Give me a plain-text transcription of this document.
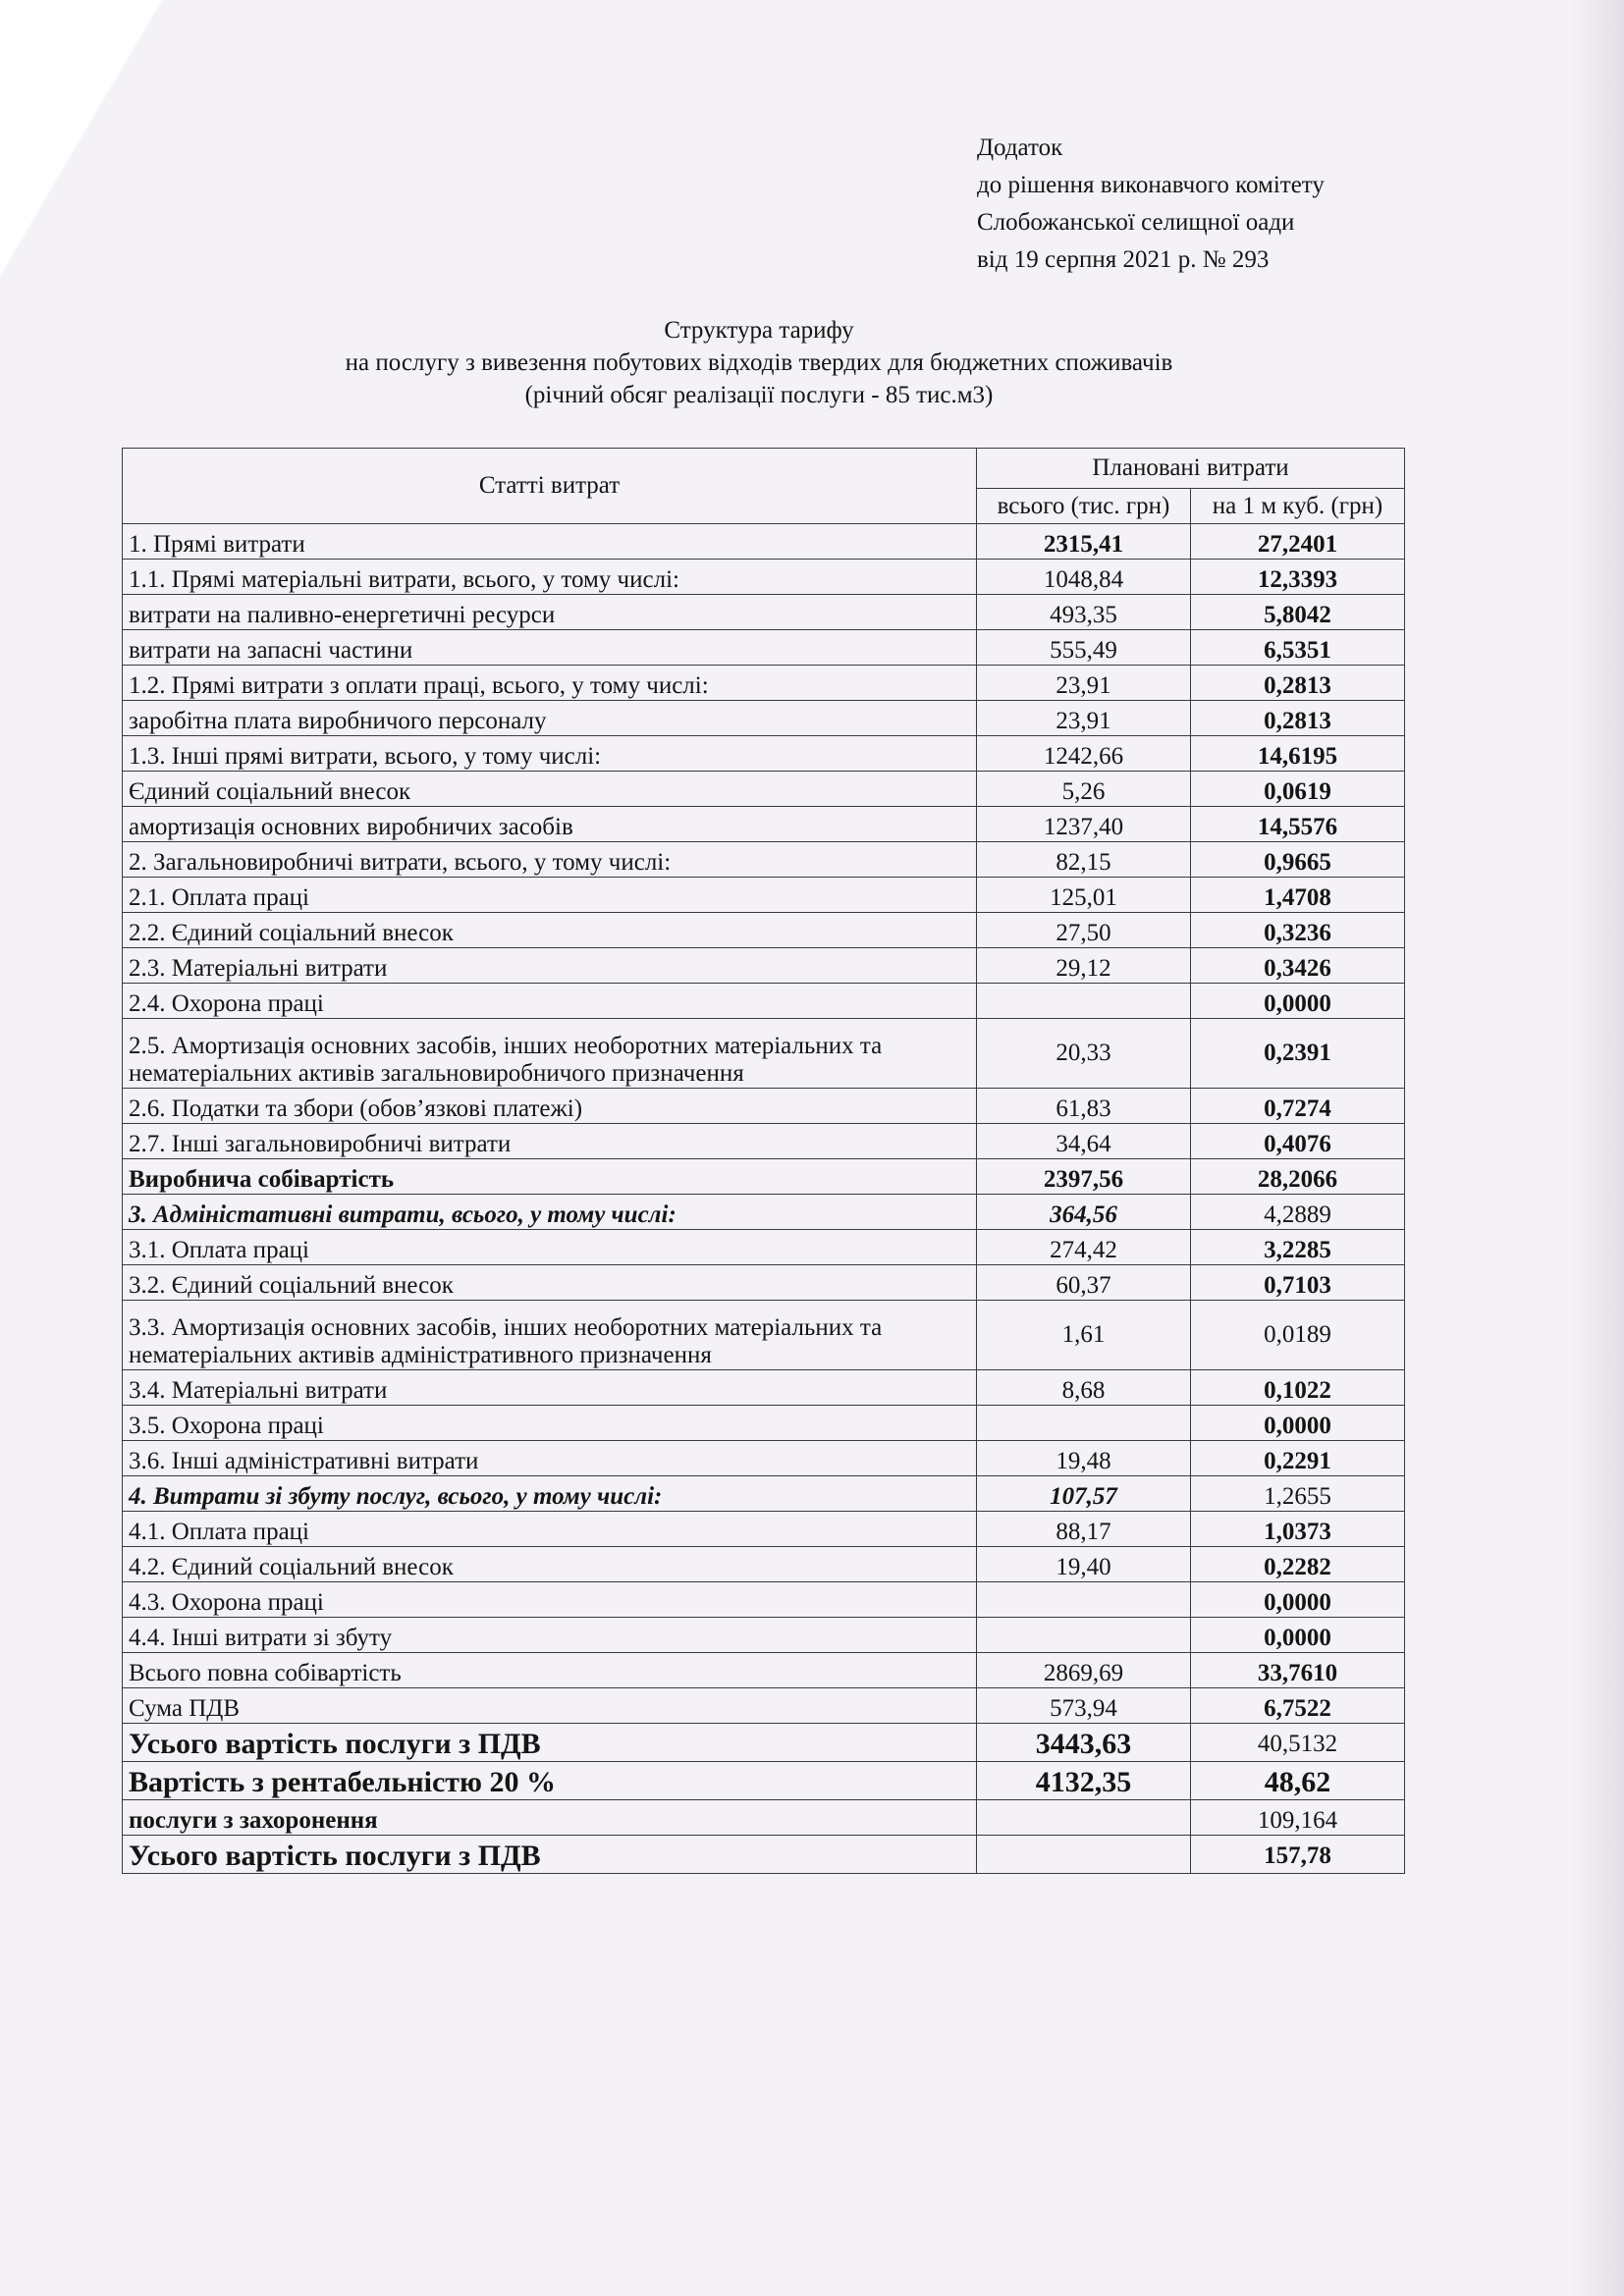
Додаток
до рішення виконавчого комітету
Слобожанської селищної оади
від 19 серпня 2021 р. № 293
Структура тарифу
на послугу з вивезення побутових відходів твердих для бюджетних споживачів
(річний обсяг реалізації послуги - 85 тис.м3)
Статті витрат	Плановані витрати	
	всього (тис. грн)	на 1 м куб. (грн)
1. Прямі витрати	2315,41	27,2401
1.1. Прямі матеріальні витрати, всього, у тому числі:	1048,84	12,3393
витрати на паливно-енергетичні ресурси	493,35	5,8042
витрати на запасні частини	555,49	6,5351
1.2. Прямі витрати з оплати праці, всього, у тому числі:	23,91	0,2813
заробітна плата виробничого персоналу	23,91	0,2813
1.3. Інші прямі витрати, всього, у тому числі:	1242,66	14,6195
Єдиний соціальний внесок	5,26	0,0619
амортизація основних виробничих засобів	1237,40	14,5576
2. Загальновиробничі витрати, всього, у тому числі:	82,15	0,9665
2.1. Оплата праці	125,01	1,4708
2.2. Єдиний соціальний внесок	27,50	0,3236
2.3. Матеріальні витрати	29,12	0,3426
2.4. Охорона праці		0,0000
2.5. Амортизація основних засобів, інших необоротних матеріальних та нематеріальних активів загальновиробничого призначення	20,33	0,2391
2.6. Податки та збори (обов’язкові платежі)	61,83	0,7274
2.7. Інші загальновиробничі витрати	34,64	0,4076
Виробнича собівартість	2397,56	28,2066
3. Адміністативні витрати, всього, у тому числі:	364,56	4,2889
3.1. Оплата праці	274,42	3,2285
3.2. Єдиний соціальний внесок	60,37	0,7103
3.3. Амортизація основних засобів, інших необоротних матеріальних та нематеріальних активів адміністративного призначення	1,61	0,0189
3.4. Матеріальні витрати	8,68	0,1022
3.5. Охорона праці		0,0000
3.6. Інші адміністративні витрати	19,48	0,2291
4. Витрати зі збуту послуг, всього, у тому числі:	107,57	1,2655
4.1. Оплата праці	88,17	1,0373
4.2. Єдиний соціальний внесок	19,40	0,2282
4.3. Охорона праці		0,0000
4.4. Інші витрати зі збуту		0,0000
Всього повна собівартість	2869,69	33,7610
Сума ПДВ	573,94	6,7522
Усього вартість послуги з ПДВ	3443,63	40,5132
Вартість з рентабельністю 20 %	4132,35	48,62
послуги з захоронення		109,164
Усього вартість послуги з ПДВ		157,78
